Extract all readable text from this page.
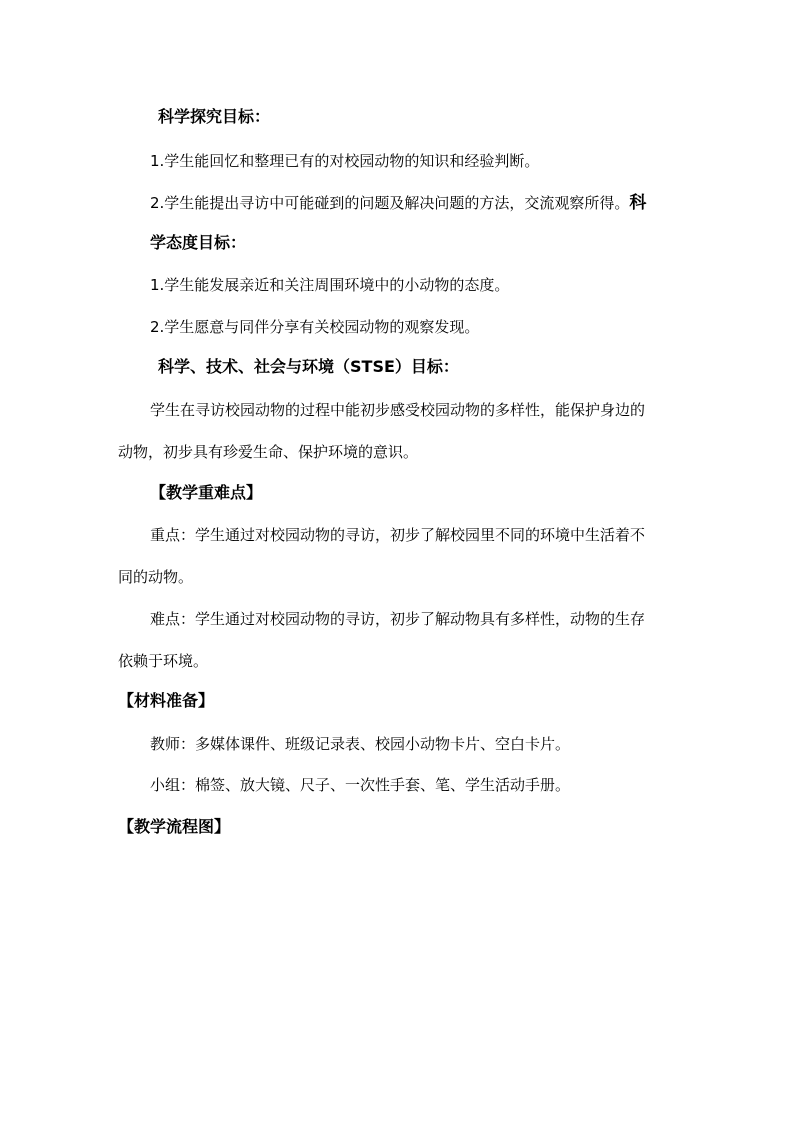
科学探究目标：
1.学生能回忆和整理已有的对校园动物的知识和经验判断。
2.学生能提出寻访中可能碰到的问题及解决问题的方法，交流观察所得。科
学态度目标：
1.学生能发展亲近和关注周围环境中的小动物的态度。
2.学生愿意与同伴分享有关校园动物的观察发现。
科学、技术、社会与环境（STSE）目标：
学生在寻访校园动物的过程中能初步感受校园动物的多样性，能保护身边的
动物，初步具有珍爱生命、保护环境的意识。
【教学重难点】
重点：学生通过对校园动物的寻访，初步了解校园里不同的环境中生活着不
同的动物。
难点：学生通过对校园动物的寻访，初步了解动物具有多样性，动物的生存
依赖于环境。
【材料准备】
教师：多媒体课件、班级记录表、校园小动物卡片、空白卡片。
小组：棉签、放大镜、尺子、一次性手套、笔、学生活动手册。
【教学流程图】
